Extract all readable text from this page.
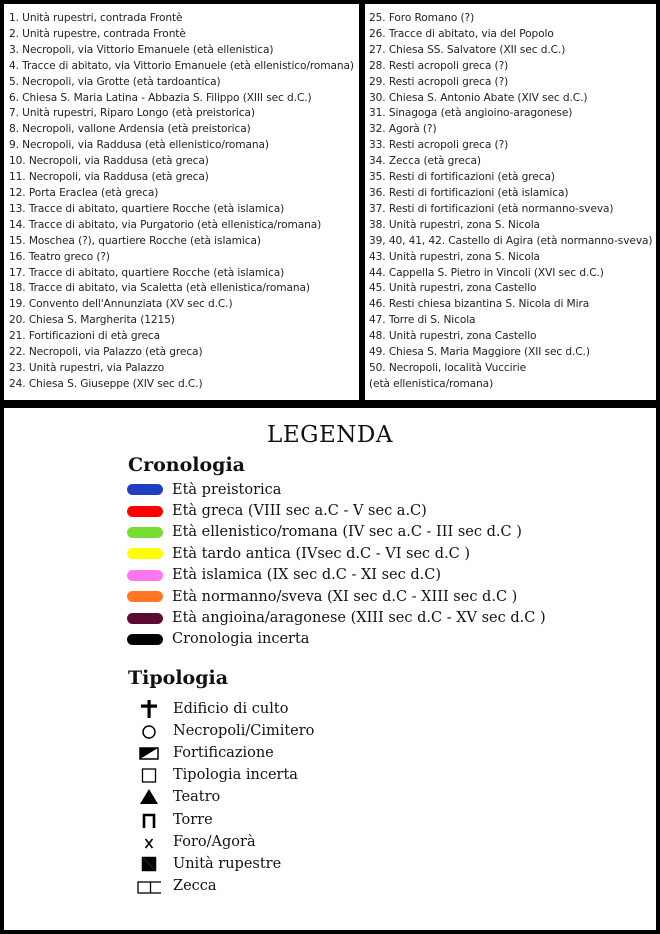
1. Unità rupestri, contrada Frontè
2. Unità rupestre, contrada Frontè
3. Necropoli, via Vittorio Emanuele (età ellenistica)
4. Tracce di abitato, via Vittorio Emanuele (età ellenistico/romana)
5. Necropoli, via Grotte (età tardoantica)
6. Chiesa S. Maria Latina - Abbazia S. Filippo (XIII sec d.C.)
7. Unità rupestri, Riparo Longo (età preistorica)
8. Necropoli, vallone Ardensia (età preistorica)
9. Necropoli, via Raddusa (età ellenistico/romana)
10. Necropoli, via Raddusa (età greca)
11. Necropoli, via Raddusa (età greca)
12. Porta Eraclea (età greca)
13. Tracce di abitato, quartiere Rocche (età islamica)
14. Tracce di abitato, via Purgatorio (età ellenistica/romana)
15. Moschea (?), quartiere Rocche (età islamica)
16. Teatro greco (?)
17. Tracce di abitato, quartiere Rocche (età islamica)
18. Tracce di abitato, via Scaletta (età ellenistica/romana)
19. Convento dell'Annunziata (XV sec d.C.)
20. Chiesa S. Margherita (1215)
21. Fortificazioni di età greca
22. Necropoli, via Palazzo (età greca)
23. Unità rupestri, via Palazzo
24. Chiesa S. Giuseppe (XIV sec d.C.)
25. Foro Romano (?)
26. Tracce di abitato, via del Popolo
27. Chiesa SS. Salvatore (XII sec d.C.)
28. Resti acropoli greca (?)
29. Resti acropoli greca (?)
30. Chiesa S. Antonio Abate (XIV sec d.C.)
31. Sinagoga (età angioino-aragonese)
32. Agorà (?)
33. Resti acropoli greca (?)
34. Zecca (età greca)
35. Resti di fortificazioni (età greca)
36. Resti di fortificazioni (età islamica)
37. Resti di fortificazioni (età normanno-sveva)
38. Unità rupestri, zona S. Nicola
39, 40, 41, 42. Castello di Agira (età normanno-sveva)
43. Unità rupestri, zona S. Nicola
44. Cappella S. Pietro in Vincoli (XVI sec d.C.)
45. Unità rupestri, zona Castello
46. Resti chiesa bizantina S. Nicola di Mira
47. Torre di S. Nicola
48. Unità rupestri, zona Castello
49. Chiesa S. Maria Maggiore (XII sec d.C.)
50. Necropoli, località Vuccirie
(età ellenistica/romana)
LEGENDA
Cronologia
Età preistorica
Età greca (VIII sec a.C - V sec a.C)
Età ellenistico/romana (IV sec a.C - III sec d.C )
Età tardo antica (IVsec d.C - VI sec d.C )
Età islamica (IX sec d.C - XI sec d.C)
Età normanno/sveva (XI sec d.C - XIII sec d.C )
Età angioina/aragonese (XIII sec d.C - XV sec d.C )
Cronologia incerta
Tipologia
Edificio di culto
Necropoli/Cimitero
Fortificazione
Tipologia incerta
Teatro
Torre
Foro/Agorà
Unità rupestre
Zecca
